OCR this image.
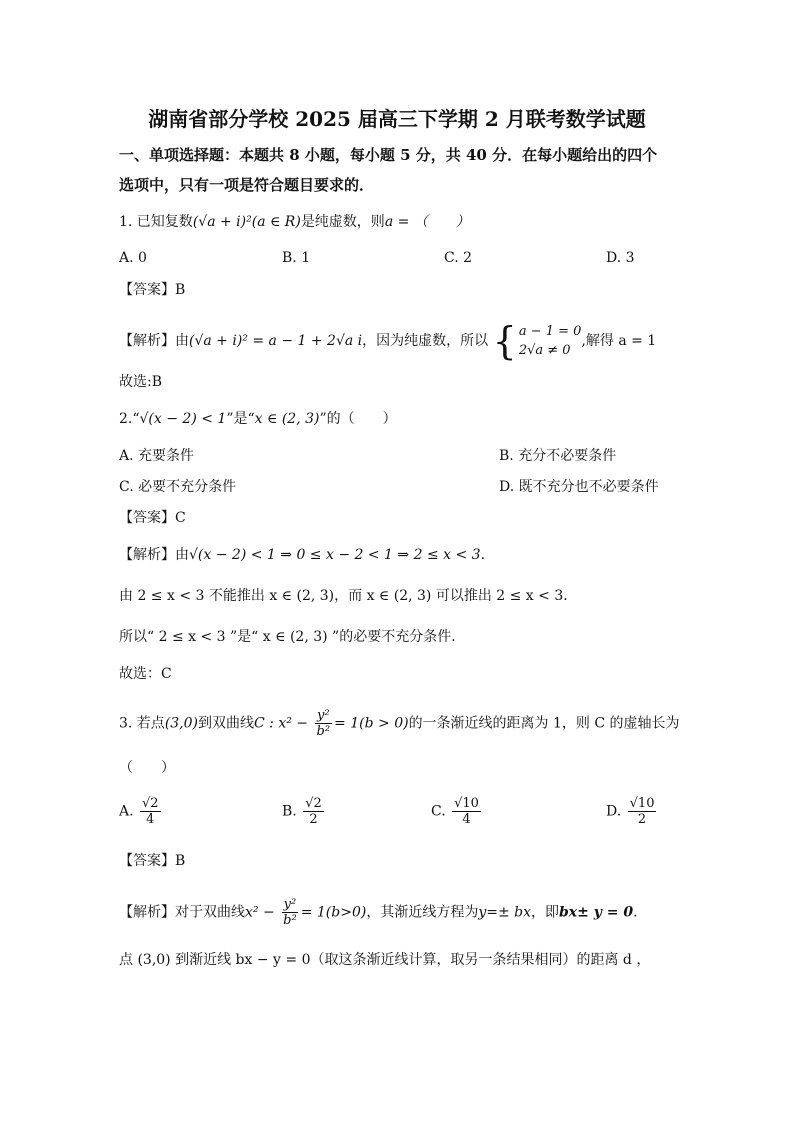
湖南省部分学校 2025 届高三下学期 2 月联考数学试题
一、单项选择题：本题共 8 小题，每小题 5 分，共 40 分．在每小题给出的四个
选项中，只有一项是符合题目要求的．
1. 已知复数(√a + i)²(a ∈ R)是纯虚数，则a = （　　）
A. 0	B. 1	C. 2	D. 3
【答案】B
【解析】由(√a + i)² = a − 1 + 2√a i，因为纯虚数，所以 { a − 1 = 0
2√a ≠ 0
,解得 a = 1
故选:B
2.“√(x − 2) < 1”是“x ∈ (2, 3)”的（　　）
A. 充要条件	B. 充分不必要条件
C. 必要不充分条件	D. 既不充分也不必要条件
【答案】C
【解析】由√(x − 2) < 1 ⇒ 0 ≤ x − 2 < 1 ⇒ 2 ≤ x < 3.
由 2 ≤ x < 3 不能推出 x ∈ (2, 3)，而 x ∈ (2, 3) 可以推出 2 ≤ x < 3．
所以“ 2 ≤ x < 3 ”是“ x ∈ (2, 3) ”的必要不充分条件．
故选：C
3. 若点(3,0)到双曲线C : $x^2 - \frac{\text{y²}}{\text{b²}} = 1(b > 0)$的一条渐近线的距离为 1，则 C 的虚轴长为
（　　）
A. $\frac{√2}{4}$	B. $\frac{√2}{2}$	C. $\frac{√10}{4}$	D. $\frac{√10}{2}$
【答案】B
【解析】对于双曲线$x^2 - \frac{\text{y²}}{\text{b²}} = 1(b>0)$，其渐近线方程为y=± bx，即bx± y = 0.
点 (3,0) 到渐近线 bx − y = 0（取这条渐近线计算，取另一条结果相同）的距离 d ，
